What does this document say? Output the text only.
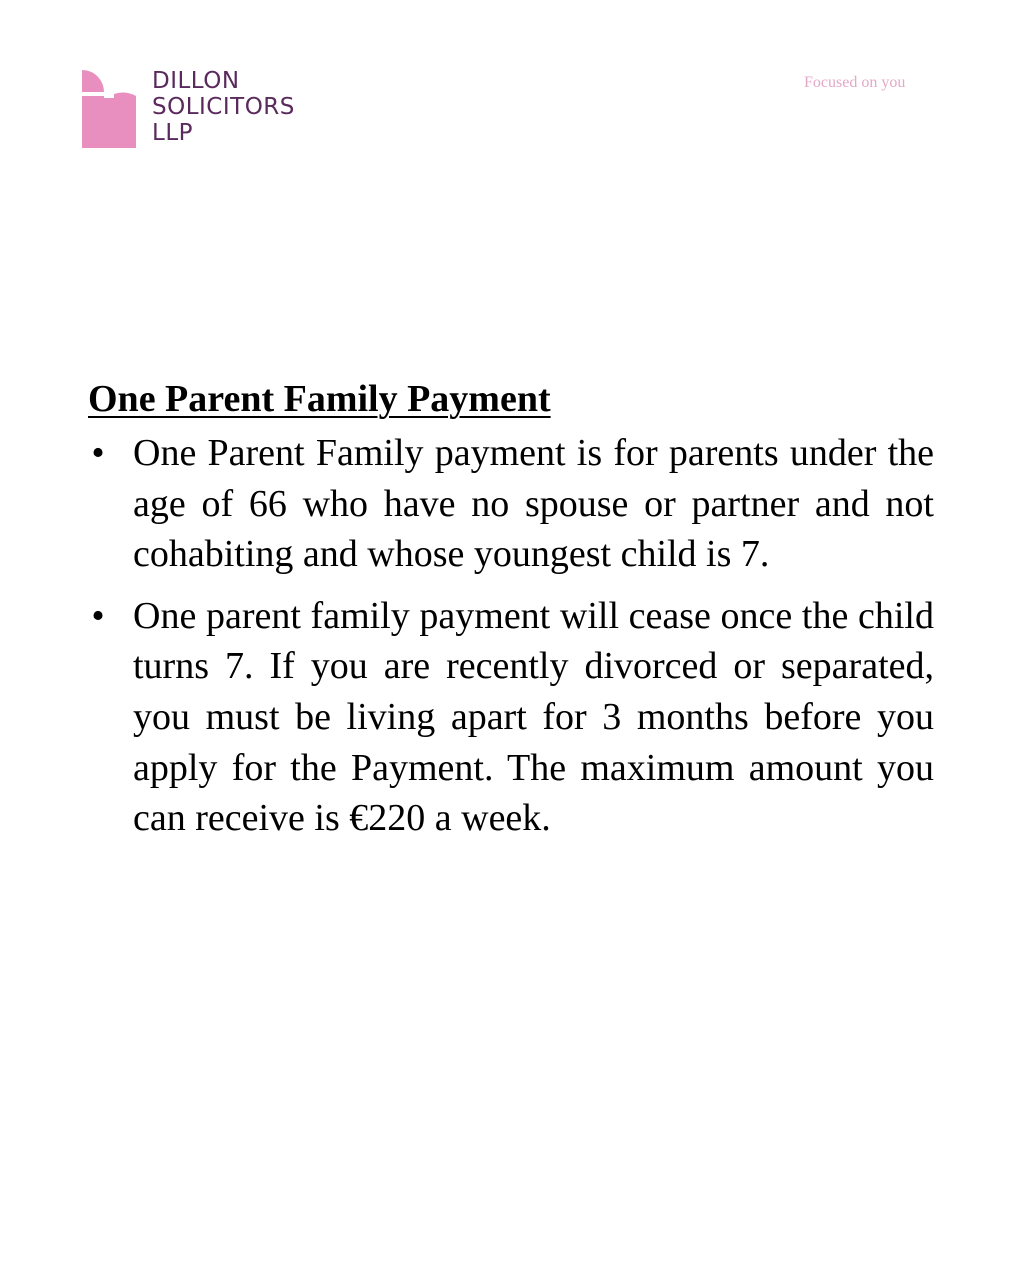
DILLON
SOLICITORS
LLP
Focused on you
One Parent Family Payment
• One Parent Family payment is for parents under the age of 66 who have no spouse or partner and not cohabiting and whose youngest child is 7.
• One parent family payment will cease once the child turns 7. If you are recently divorced or separated, you must be living apart for 3 months before you apply for the Payment. The maximum amount you can receive is €220 a week.
